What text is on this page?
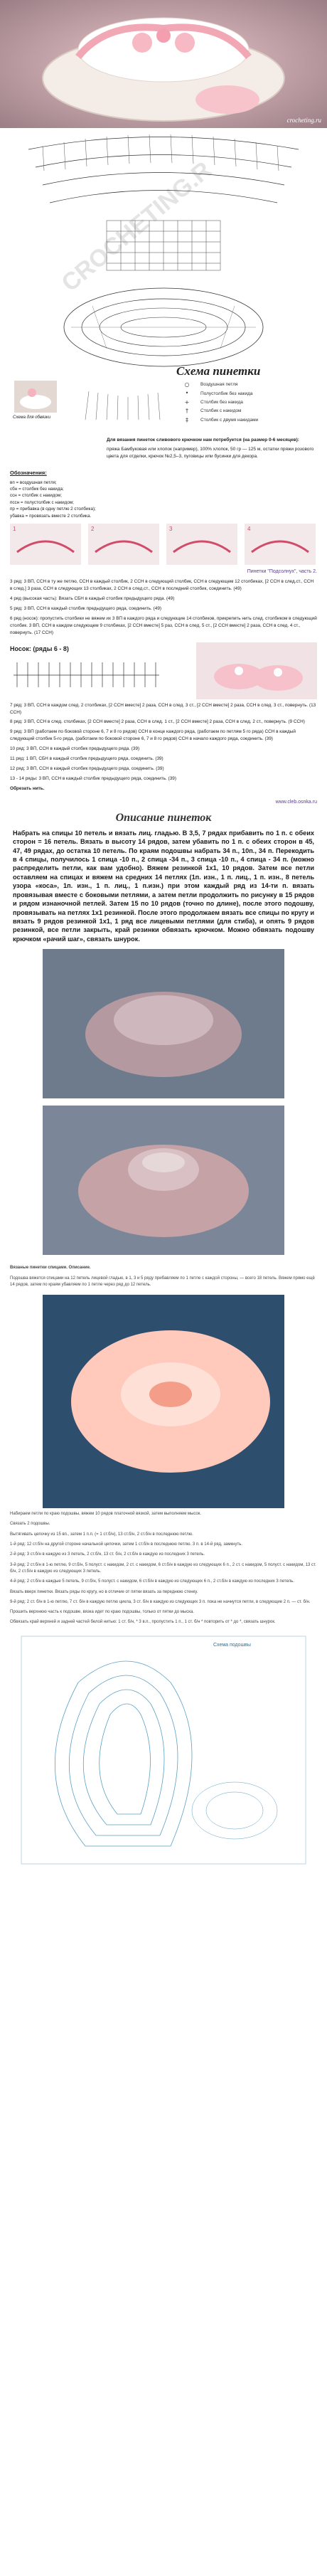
crocheting.ru
CROCHETING.R
Схема пинетки
○	Воздушная петля
•	Полустолбик без накида
+	Столбик без накида
†	Столбик с накидом
‡	Столбик с двумя накидами
Схема для обвязки

Для вязания пинеток сливового крючком нам потребуется (на размер 0-6 месяцев):

пряжа Бамбуковая или хлопок (например), 100% хлопок, 50 гр — 125 м, остатки пряжи розового цвета для отделки, крючок №2,5–3, пуговицы или бусинки для декора.

Обозначения:
вп = воздушная петля;
сбн = столбик без накида;
ссн = столбик с накидом;
пссн = полустолбик с накидом;
пр = прибавка (в одну петлю 2 столбика);
убавка = провязать вместе 2 столбика.
1	2	3	4
Пинетки "Подсолнух", часть 2.

3 ряд: 3 ВП, ССН в ту же петлю, ССН в каждый столбик, 2 ССН в следующий столбик, ССН в следующем 12 столбиках, [2 ССН в след.ст., ССН в след.] 3 раза, ССН в следующих 13 столбиках, 2 ССН в след.ст., ССН в последний столбик, соединить. (49)

4 ряд (высокая часть): Вязать СБН в каждый столбик предыдущего ряда. (49)

5 ряд: 3 ВП, ССН в каждый столбик предыдущего ряда, соединить. (49)

6 ряд (носок): пропустить столбики не вяжем их 3 ВП в каждого ряда и следующие 14 столбиков, прикрепить нить след. столбиком в следующий столбик. 3 ВП, ССН в каждом следующем 9 столбиках, [2 ССН вместе] 5 раз, ССН в след. 5 ст., [2 ССН вместе] 2 раза, ССН в след. 4 ст., повернуть. (17 ССН)

Носок: (ряды 6 - 8)

7 ряд: 3 ВП, ССН в каждом след. 2 столбиках, [2 ССН вместе] 2 раза, ССН в след. 3 ст., [2 ССН вместе] 2 раза, ССН в след. 3 ст., повернуть. (13 ССН)

8 ряд: 3 ВП, ССН в след. столбиках, [2 ССН вместе] 2 раза, ССН в след. 1 ст., [2 ССН вместе] 2 раза, ССН в след. 2 ст., повернуть. (9 ССН)

9 ряд: 3 ВП (работаем по боковой стороне 6, 7 и 8 го рядов) ССН в конце каждого ряда, (работаем по петлям 5 го ряда) ССН в каждый следующий столбик 5-го ряда, (работаем по боковой стороне 6, 7 и 8 го рядов) ССН в начало каждого ряда, соединить. (39)

10 ряд: 3 ВП, ССН в каждый столбик предыдущего ряда. (39)

11 ряд: 1 ВП, СБН в каждый столбик предыдущего ряда, соединить. (39)

12 ряд: 3 ВП, ССН в каждый столбик предыдущего ряда, соединить. (39)

13 - 14 ряды: 3 ВП, ССН в каждый столбик предыдущего ряда, соединить. (39)

Обрезать нить.

www.cleb.osnka.ru
Описание пинеток
Набрать на спицы 10 петель и вязать лиц. гладью. В 3,5, 7 рядах прибавить по 1 п. с обеих сторон = 16 петель. Вязать в высоту 14 рядов, затем убавить по 1 п. с обеих сторон в 45, 47, 49 рядах, до остатка 10 петель. По краям подошвы набрать 34 п., 10п., 34 п. Перекодить в 4 спицы, получилось 1 спица -10 п., 2 спица -34 п., 3 спица -10 п., 4 спица - 34 п. (можно распределить петли, как вам удобно). Вяжем резинкой 1х1, 10 рядов. Затем все петли оставляем на спицах и вяжем на средних 14 петлях (1п. изн., 1 п. лиц., 1 п. изн., 8 петель узора «коса», 1п. изн., 1 п. лиц., 1 п.изн.) при этом каждый ряд из 14-ти п. вязать провязывая вместе с боковыми петлями, а затем петли продолжить по рисунку в 15 рядов и рядом изнаночной петлей. Затем 15 по 10 рядов (точно по длине), после этого подошву, провязывать на петлях 1х1 резинкой. После этого продолжаем вязать все спицы по кругу и вязать 9 рядов резинкой 1х1, 1 ряд все лицевыми петлями (для стиба), и опять 9 рядов резинкой, все петли закрыть, край резинки обвязать крючком. Можно обвязать подошву крючком «рачий шаг», связать шнурок.

Вязаные пинетки спицами. Описание.

Подошва вяжется спицами на 12 петель лицевой гладью, в 1, 3 и 5 ряду прибавляем по 1 петле с каждой стороны, — всего 18 петель. Вяжем прямо ещё 14 рядов, затем по краям убавляем по 1 петле через ряд до 12 петель.

Набираем петли по краю подошвы, вяжем 10 рядов платочной вязкой, затем выполняем мысок.

Связать 2 подошвы.

Вытягивать цепочку из 15 вп., затем 1 п.п. (= 1 ст.б/н), 13 ст.б/н, 2 ст.б/н в последнюю петлю.

1-й ряд: 12 ст.б/н на другой стороне начальной цепочки, затем 1 ст.б/н в последнюю петлю. 3 п. в 14-й ряд, замкнуть.

2-й ряд: 3 ст.б/н в каждую из 3 петель, 2 ст.б/н, 13 ст. б/н, 2 ст.б/н в каждую из последних 3 петель.

3-й ряд: 2 ст.б/н в 1-ю петлю, 9 ст.б/н, 5 полуст. с накидом, 2 ст. с накидом, 6 ст.б/н в каждую из следующих 6 п., 2 ст. с накидом, 5 полуст. с накидом, 13 ст. б/н, 2 ст.б/н в каждую из следующих 3 петель.

4-й ряд: 2 ст.б/н в каждые 5 петель, 9 ст.б/н, 5 полуст. с накидом, 6 ст.б/н в каждую из следующих 6 п., 2 ст.б/н в каждую из последних 3 петель.

Вязать вверх пинетки. Вязать ряды по кругу, но в отличие от пятки вязать за переднюю стенку.

9-й ряд: 2 ст. б/н в 1-ю петлю, 7 ст. б/н в каждую петлю цикла, 3 ст. б/н в каждую из следующих 3 п. пока не начнутся петли, в следующие 2 п. — ст. б/н.

Прошить верхнюю часть к подошве, вязка идет по краю подошвы, только от пятки до мыска.

Обвязать край верхней и задней частей белой нитью: 1 ст. б/н, * 3 в.п., пропустить 1 п., 1 ст. б/н * повторить от * до *, связать шнурок.

Схема подошвы
